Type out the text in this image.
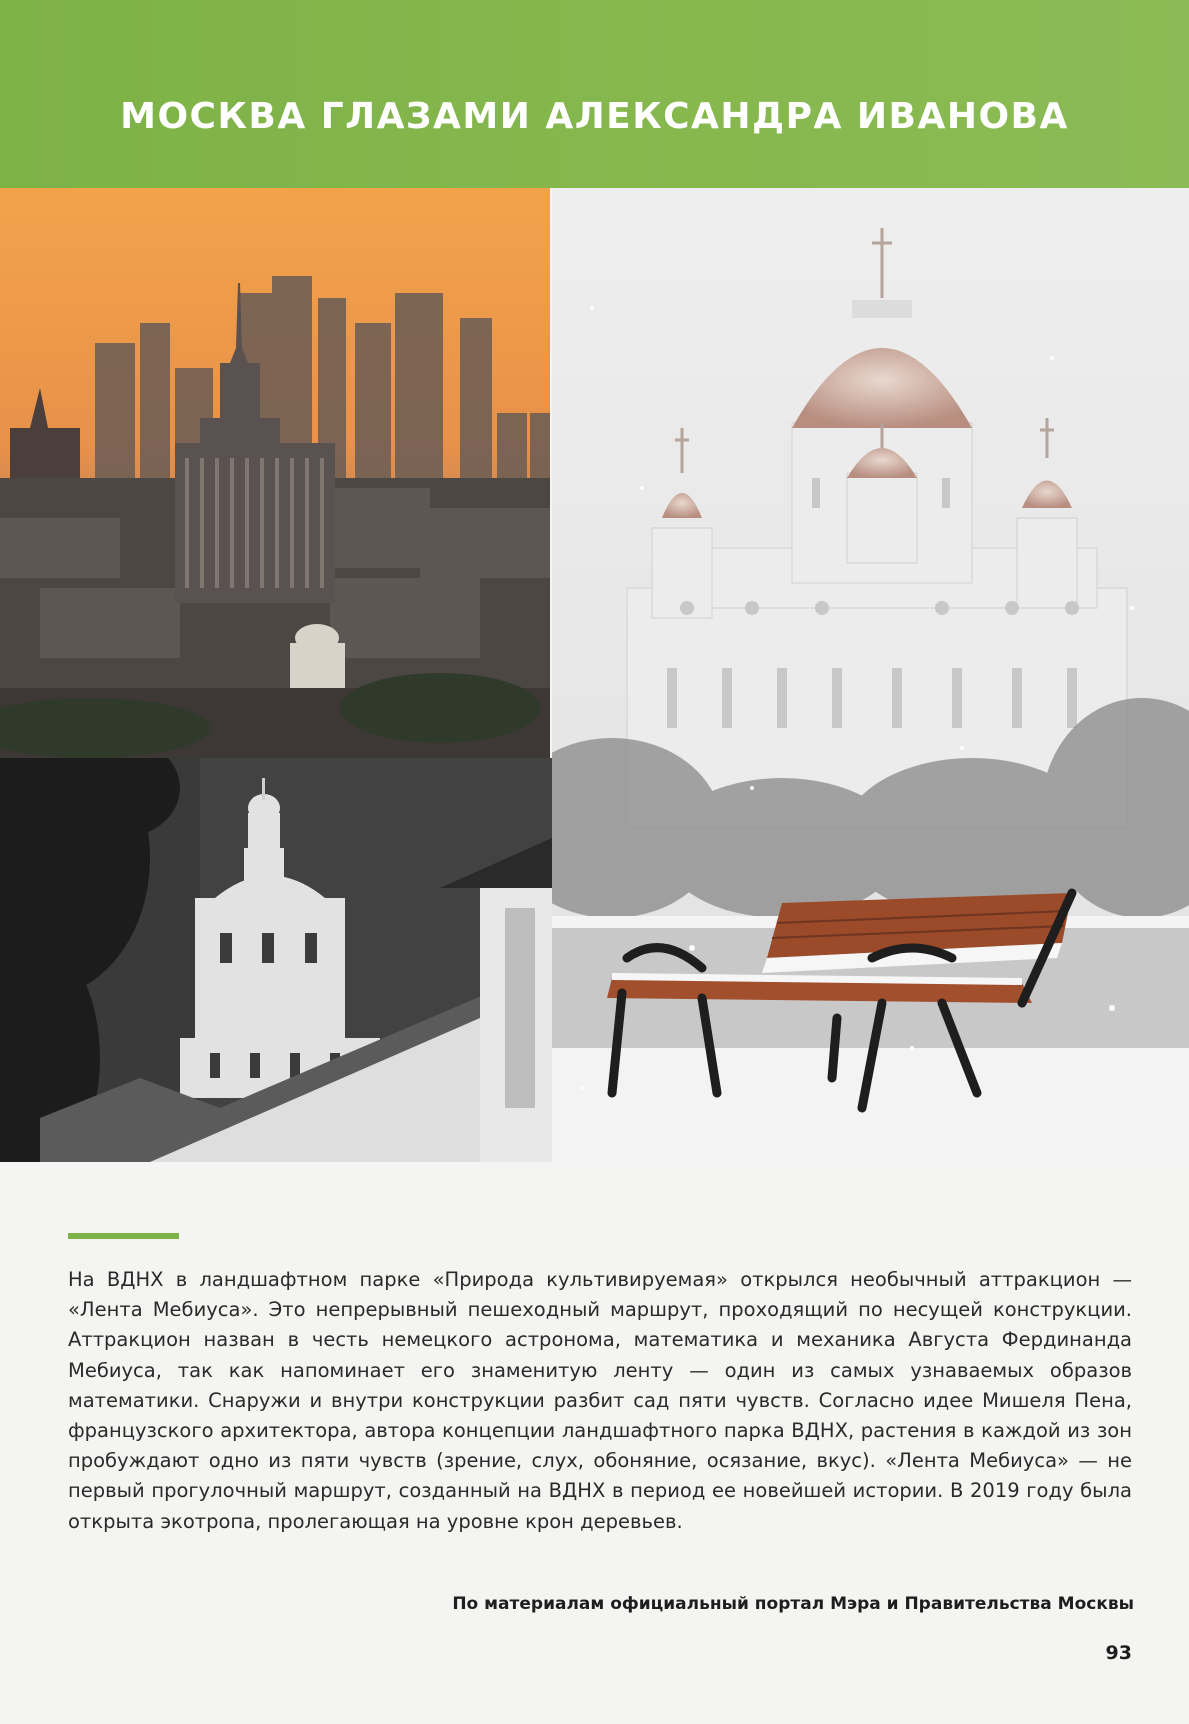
МОСКВА ГЛАЗАМИ АЛЕКСАНДРА ИВАНОВА

На ВДНХ в ландшафтном парке «Природа культивируемая» открылся необычный аттракцион — «Лента Мебиуса». Это непрерывный пешеходный маршрут, проходящий по несущей конструкции. Аттракцион назван в честь немецкого астронома, математика и механика Августа Фердинанда Мебиуса, так как напоминает его знаменитую ленту — один из самых узнаваемых образов математики. Снаружи и внутри конструкции разбит сад пяти чувств. Согласно идее Мишеля Пена, французского архитектора, автора концепции ландшафтного парка ВДНХ, растения в каждой из зон пробуждают одно из пяти чувств (зрение, слух, обоняние, осязание, вкус). «Лента Мебиуса» — не первый прогулочный маршрут, созданный на ВДНХ в период ее новейшей истории. В 2019 году была открыта экотропа, пролегающая на уровне крон деревьев.

По материалам официальный портал Мэра и Правительства Москвы

93
